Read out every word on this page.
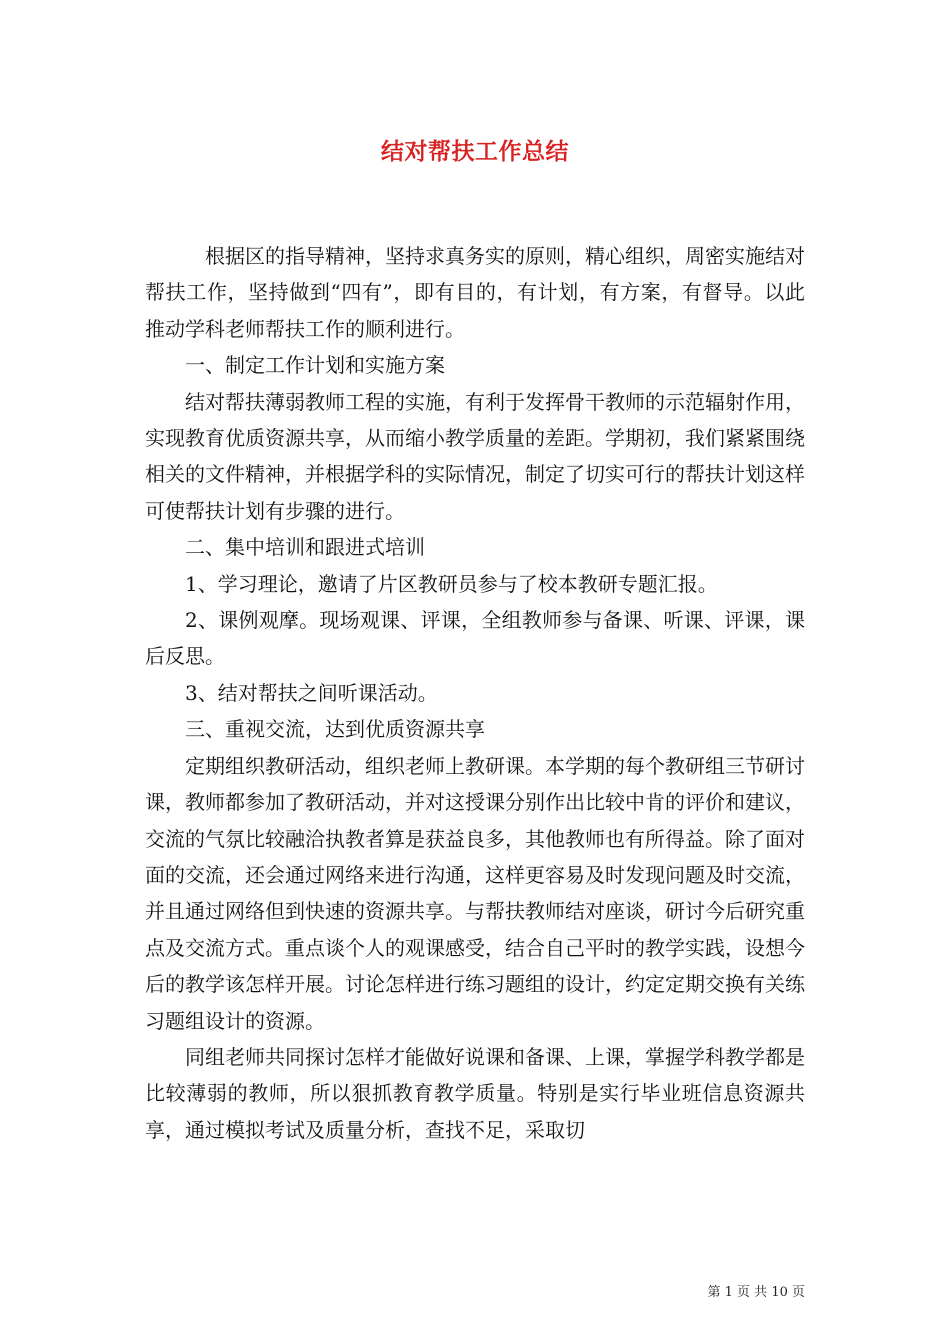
结对帮扶工作总结

根据区的指导精神，坚持求真务实的原则，精心组织，周密实施结对帮扶工作，坚持做到“四有”，即有目的，有计划，有方案，有督导。以此推动学科老师帮扶工作的顺利进行。

一、制定工作计划和实施方案

结对帮扶薄弱教师工程的实施，有利于发挥骨干教师的示范辐射作用，实现教育优质资源共享，从而缩小教学质量的差距。学期初，我们紧紧围绕相关的文件精神，并根据学科的实际情况，制定了切实可行的帮扶计划这样可使帮扶计划有步骤的进行。

二、集中培训和跟进式培训

1、学习理论，邀请了片区教研员参与了校本教研专题汇报。

2、课例观摩。现场观课、评课，全组教师参与备课、听课、评课，课后反思。

3、结对帮扶之间听课活动。

三、重视交流，达到优质资源共享

定期组织教研活动，组织老师上教研课。本学期的每个教研组三节研讨课，教师都参加了教研活动，并对这授课分别作出比较中肯的评价和建议，交流的气氛比较融洽执教者算是获益良多，其他教师也有所得益。除了面对面的交流，还会通过网络来进行沟通，这样更容易及时发现问题及时交流，并且通过网络但到快速的资源共享。与帮扶教师结对座谈，研讨今后研究重点及交流方式。重点谈个人的观课感受，结合自己平时的教学实践，设想今后的教学该怎样开展。讨论怎样进行练习题组的设计，约定定期交换有关练习题组设计的资源。

同组老师共同探讨怎样才能做好说课和备课、上课，掌握学科教学都是比较薄弱的教师，所以狠抓教育教学质量。特别是实行毕业班信息资源共享，通过模拟考试及质量分析，查找不足，采取切

第 1 页 共 10 页
